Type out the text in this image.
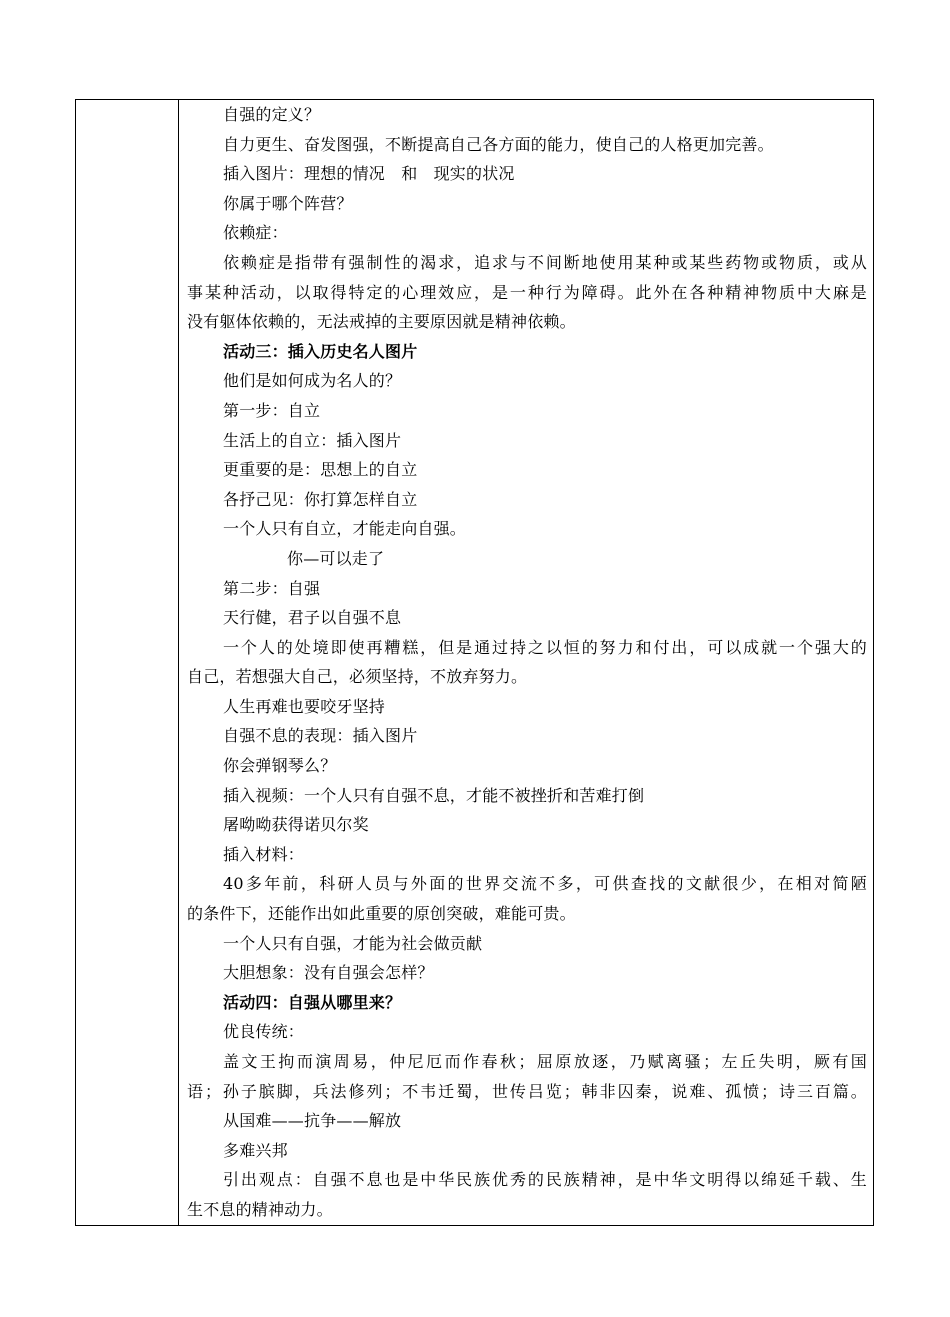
自强的定义？
自力更生、奋发图强，不断提高自己各方面的能力，使自己的人格更加完善。
插入图片：理想的情况　和　现实的状况
你属于哪个阵营？
依赖症：
依赖症是指带有强制性的渴求，追求与不间断地使用某种或某些药物或物质，或从
事某种活动，以取得特定的心理效应，是一种行为障碍。此外在各种精神物质中大麻是
没有躯体依赖的，无法戒掉的主要原因就是精神依赖。
活动三：插入历史名人图片
他们是如何成为名人的？
第一步：自立
生活上的自立：插入图片
更重要的是：思想上的自立
各抒己见：你打算怎样自立
一个人只有自立，才能走向自强。
你—可以走了
第二步：自强
天行健，君子以自强不息
一个人的处境即使再糟糕，但是通过持之以恒的努力和付出，可以成就一个强大的
自己，若想强大自己，必须坚持，不放弃努力。
人生再难也要咬牙坚持
自强不息的表现：插入图片
你会弹钢琴么？
插入视频：一个人只有自强不息，才能不被挫折和苦难打倒
屠呦呦获得诺贝尔奖
插入材料：
40多年前，科研人员与外面的世界交流不多，可供查找的文献很少，在相对简陋
的条件下，还能作出如此重要的原创突破，难能可贵。
一个人只有自强，才能为社会做贡献
大胆想象：没有自强会怎样？
活动四：自强从哪里来？
优良传统：
盖文王拘而演周易，仲尼厄而作春秋；屈原放逐，乃赋离骚；左丘失明，厥有国
语；孙子膑脚，兵法修列；不韦迁蜀，世传吕览；韩非囚秦，说难、孤愤；诗三百篇。
从国难——抗争——解放
多难兴邦
引出观点：自强不息也是中华民族优秀的民族精神，是中华文明得以绵延千载、生
生不息的精神动力。
